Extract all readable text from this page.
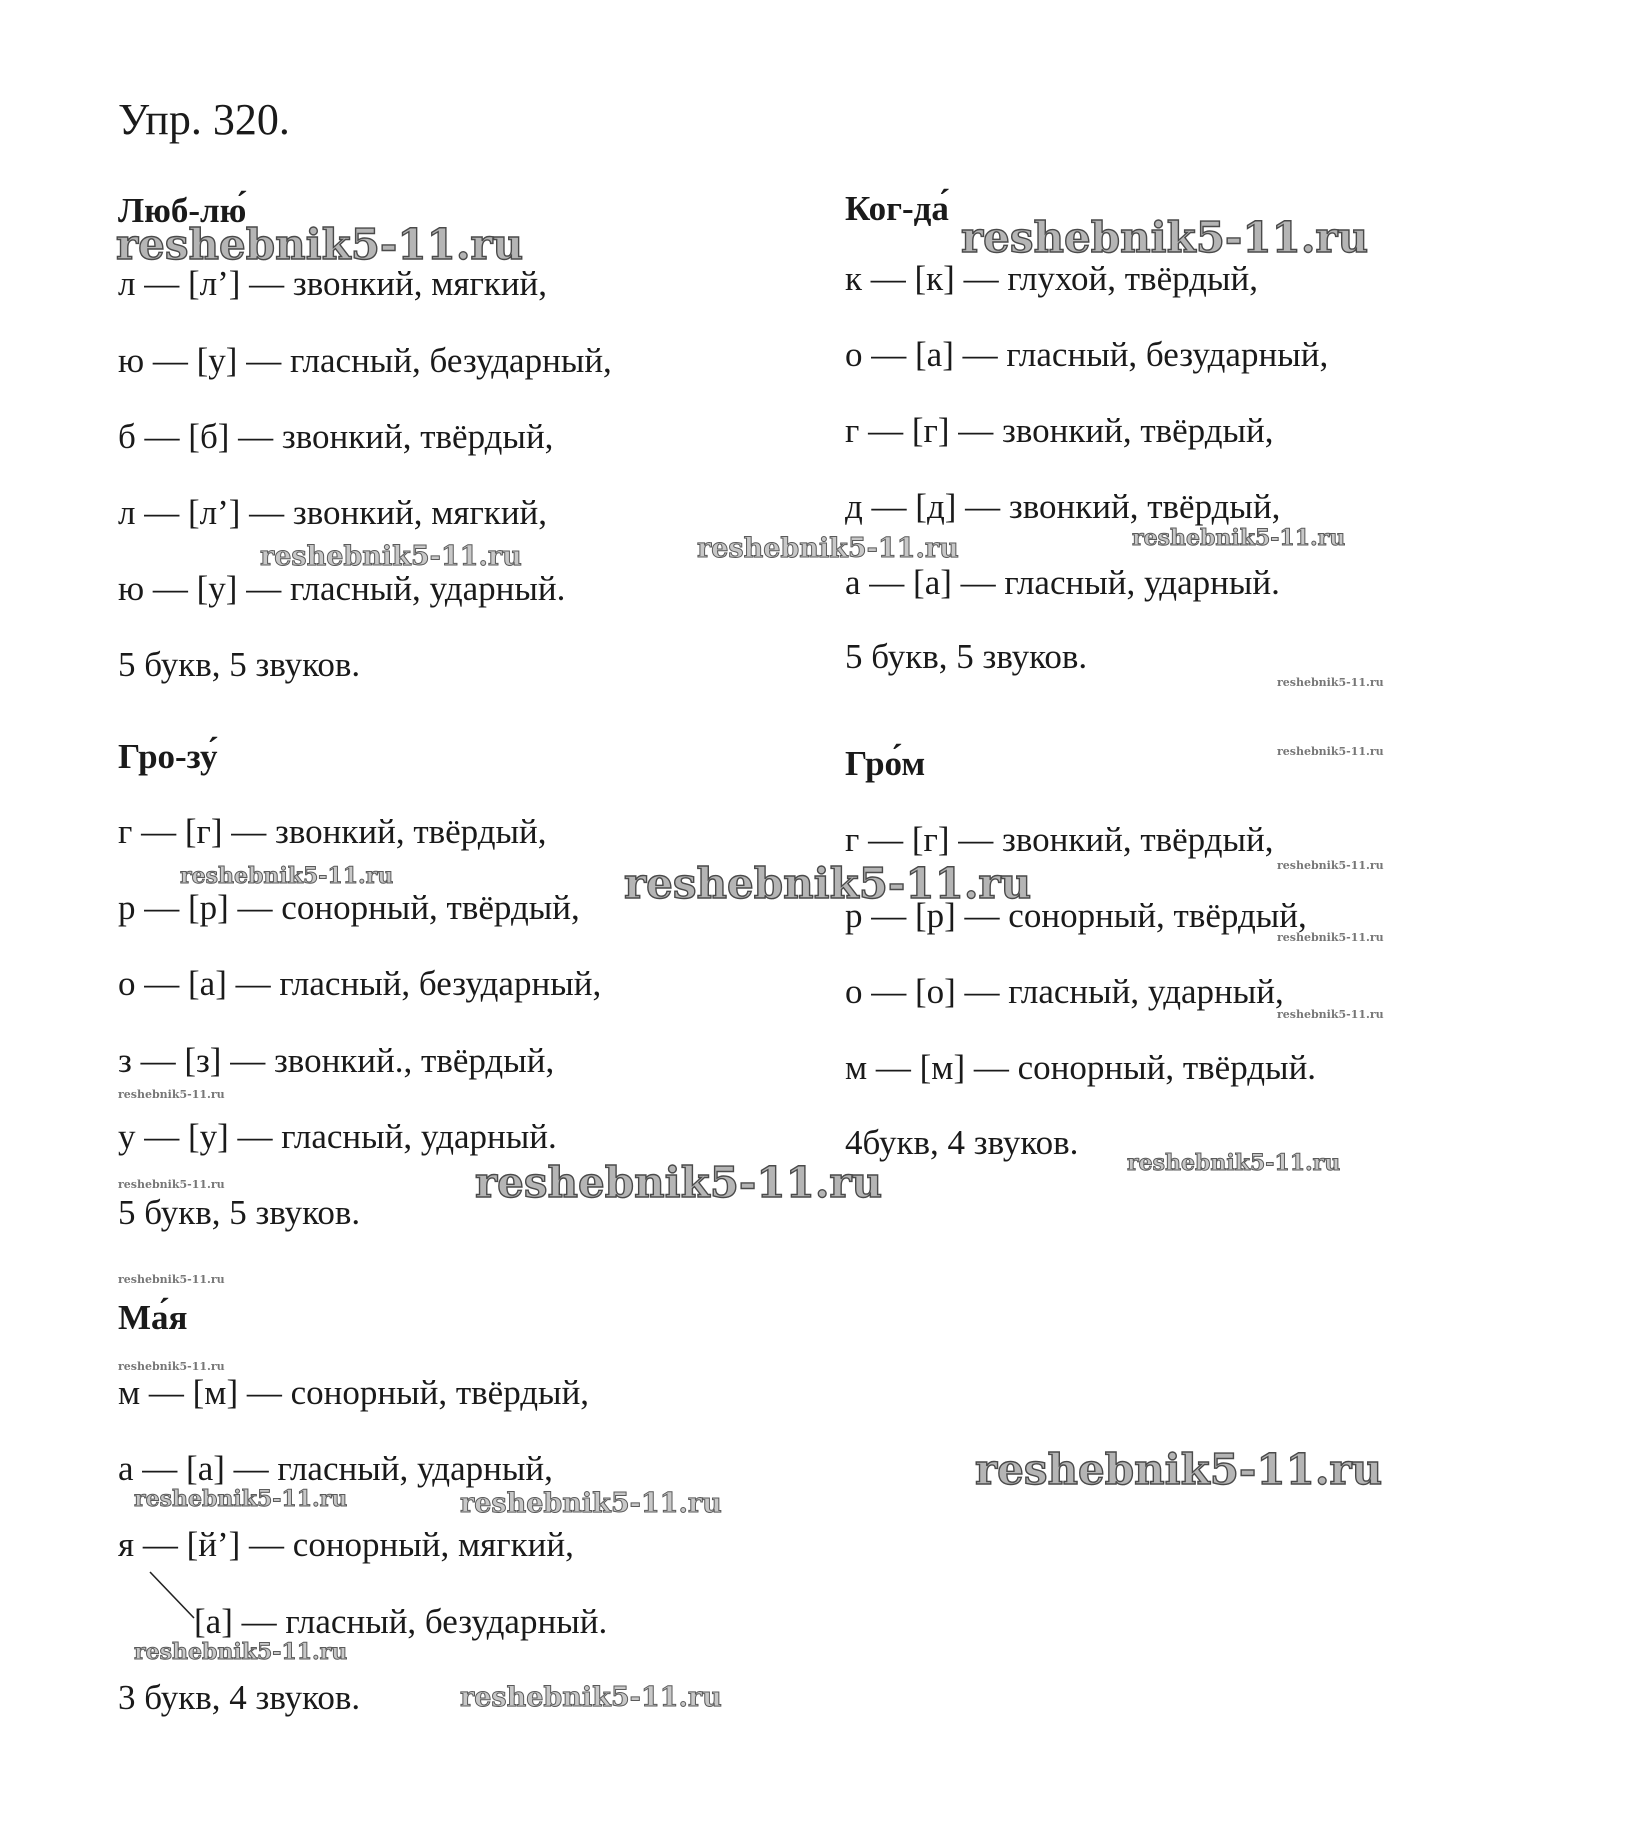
Упр. 320.
Люб-лю́
л — [л’] — звонкий, мягкий,
ю — [у] — гласный, безударный,
б — [б] — звонкий, твёрдый,
л — [л’] — звонкий, мягкий,
ю — [у] — гласный, ударный.
5 букв, 5 звуков.
Ког-да́
к — [к] — глухой, твёрдый,
о — [а] — гласный, безударный,
г — [г] — звонкий, твёрдый,
д — [д] — звонкий, твёрдый,
а — [а] — гласный, ударный.
5 букв, 5 звуков.
Гро-зу́
г — [г] — звонкий, твёрдый,
р — [р] — сонорный, твёрдый,
о — [а] — гласный, безударный,
з — [з] — звонкий., твёрдый,
у — [у] — гласный, ударный.
5 букв, 5 звуков.
Гро́м
г — [г] — звонкий, твёрдый,
р — [р] — сонорный, твёрдый,
о — [о] — гласный, ударный,
м — [м] — сонорный, твёрдый.
4букв, 4 звуков.
Ма́я
м — [м] — сонорный, твёрдый,
а — [а] — гласный, ударный,
я — [й’] — сонорный, мягкий,
[а] — гласный, безударный.
3 букв, 4 звуков.
reshebnik5-11.ru	reshebnik5-11.ru
reshebnik5-11.ru	reshebnik5-11.ru	reshebnik5-11.ru
reshebnik5-11.ru
reshebnik5-11.ru
reshebnik5-11.ru	reshebnik5-11.ru	reshebnik5-11.ru
reshebnik5-11.ru
reshebnik5-11.ru
reshebnik5-11.ru
reshebnik5-11.ru
reshebnik5-11.ru	reshebnik5-11.ru
reshebnik5-11.ru
reshebnik5-11.ru
reshebnik5-11.ru
reshebnik5-11.ru	reshebnik5-11.ru
reshebnik5-11.ru
reshebnik5-11.ru
